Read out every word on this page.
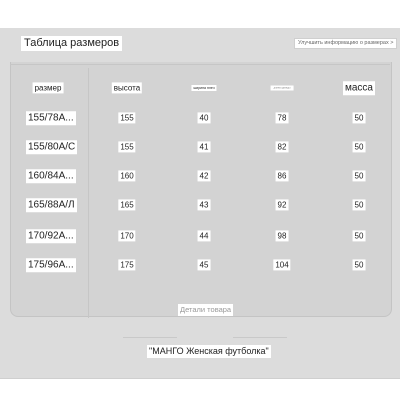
Таблица размеров	Улучшить информацию о размерах >
размер	высота	ширина плеч	длина одежды	масса
155/78A...	155	40	78	50
155/80A/C	155	41	82	50
160/84A...	160	42	86	50
165/88A/Л	165	43	92	50
170/92A...	170	44	98	50
175/96A...	175	45	104	50
Детали товара
"МАНГО Женская футболка"
